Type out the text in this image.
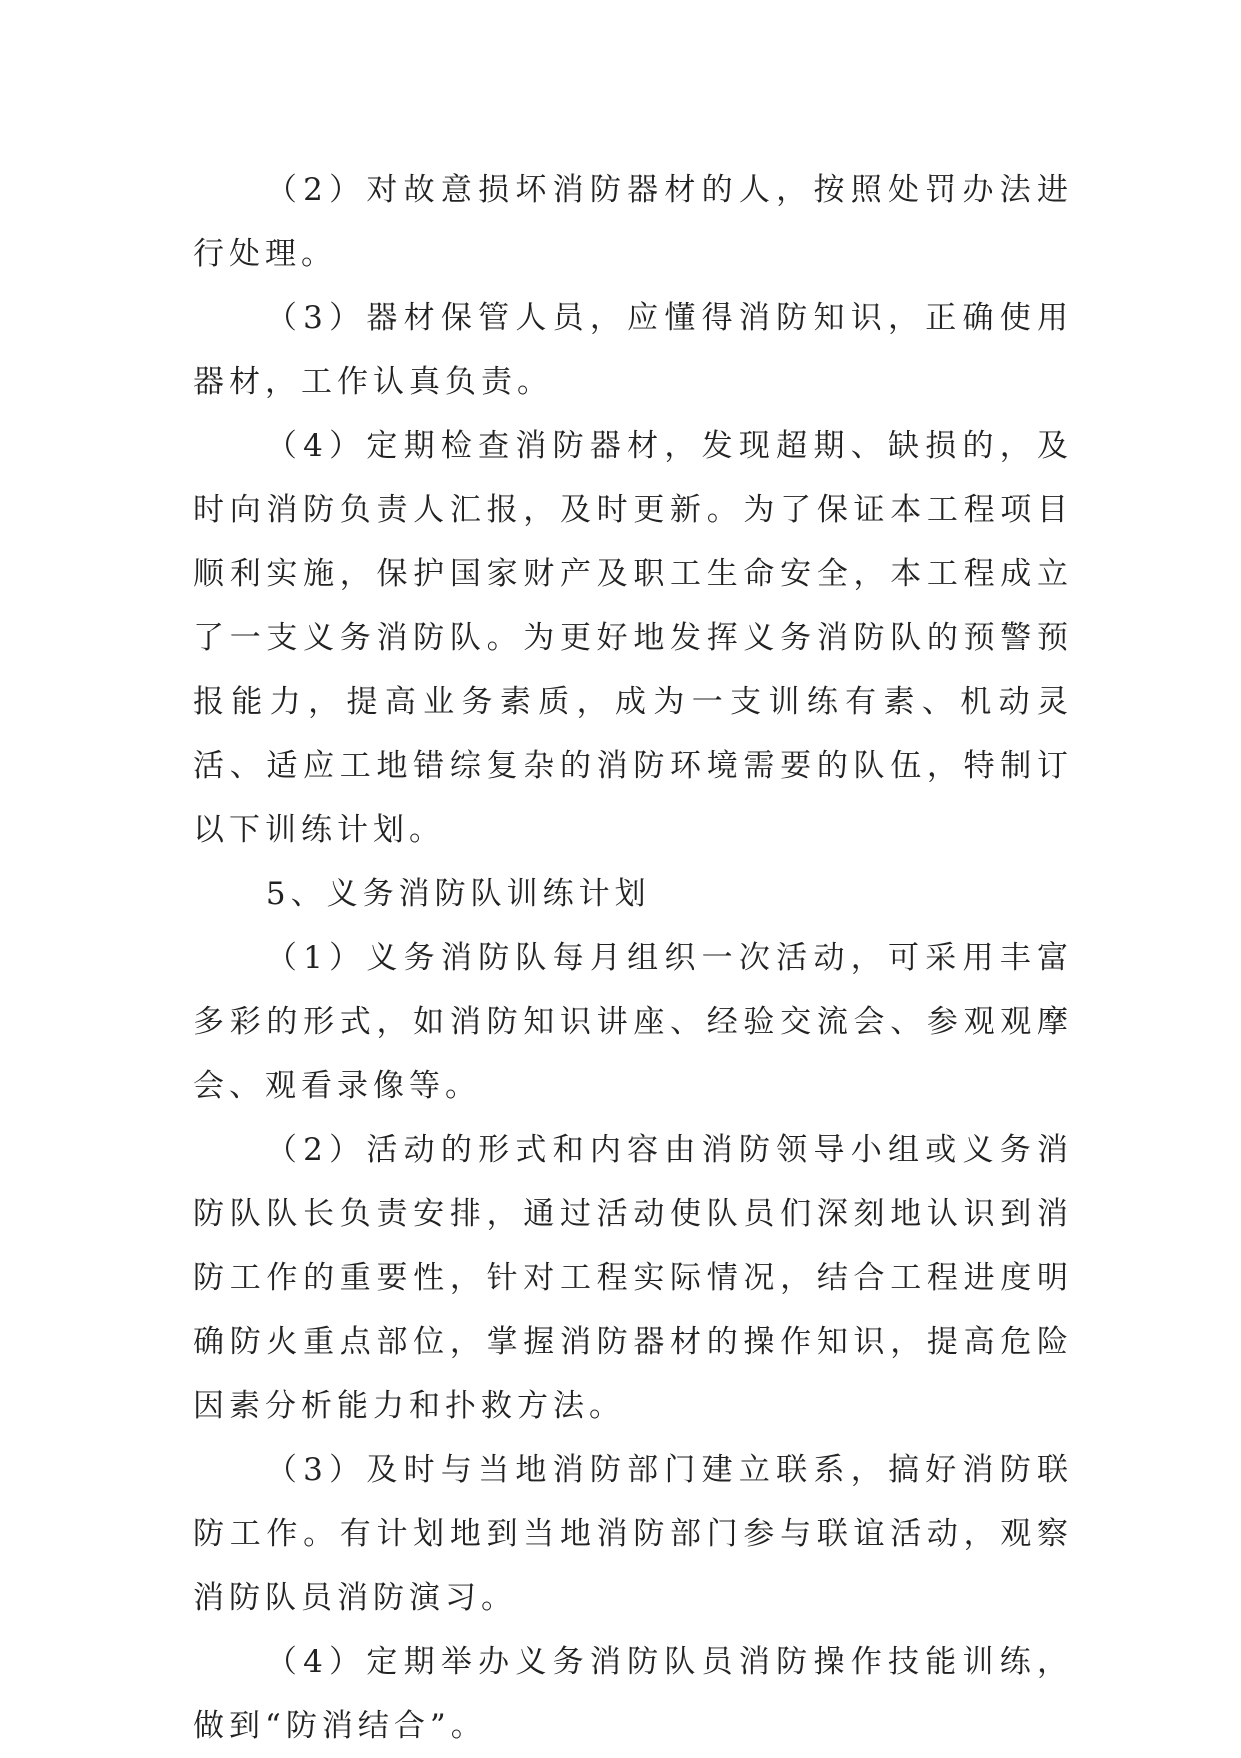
（2）对故意损坏消防器材的人，按照处罚办法进行处理。

（3）器材保管人员，应懂得消防知识，正确使用器材，工作认真负责。

（4）定期检查消防器材，发现超期、缺损的，及时向消防负责人汇报，及时更新。为了保证本工程项目顺利实施，保护国家财产及职工生命安全，本工程成立了一支义务消防队。为更好地发挥义务消防队的预警预报能力，提高业务素质，成为一支训练有素、机动灵活、适应工地错综复杂的消防环境需要的队伍，特制订以下训练计划。

5、义务消防队训练计划

（1）义务消防队每月组织一次活动，可采用丰富多彩的形式，如消防知识讲座、经验交流会、参观观摩会、观看录像等。

（2）活动的形式和内容由消防领导小组或义务消防队队长负责安排，通过活动使队员们深刻地认识到消防工作的重要性，针对工程实际情况，结合工程进度明确防火重点部位，掌握消防器材的操作知识，提高危险因素分析能力和扑救方法。

（3）及时与当地消防部门建立联系，搞好消防联防工作。有计划地到当地消防部门参与联谊活动，观察消防队员消防演习。

（4）定期举办义务消防队员消防操作技能训练，做到“防消结合”。
